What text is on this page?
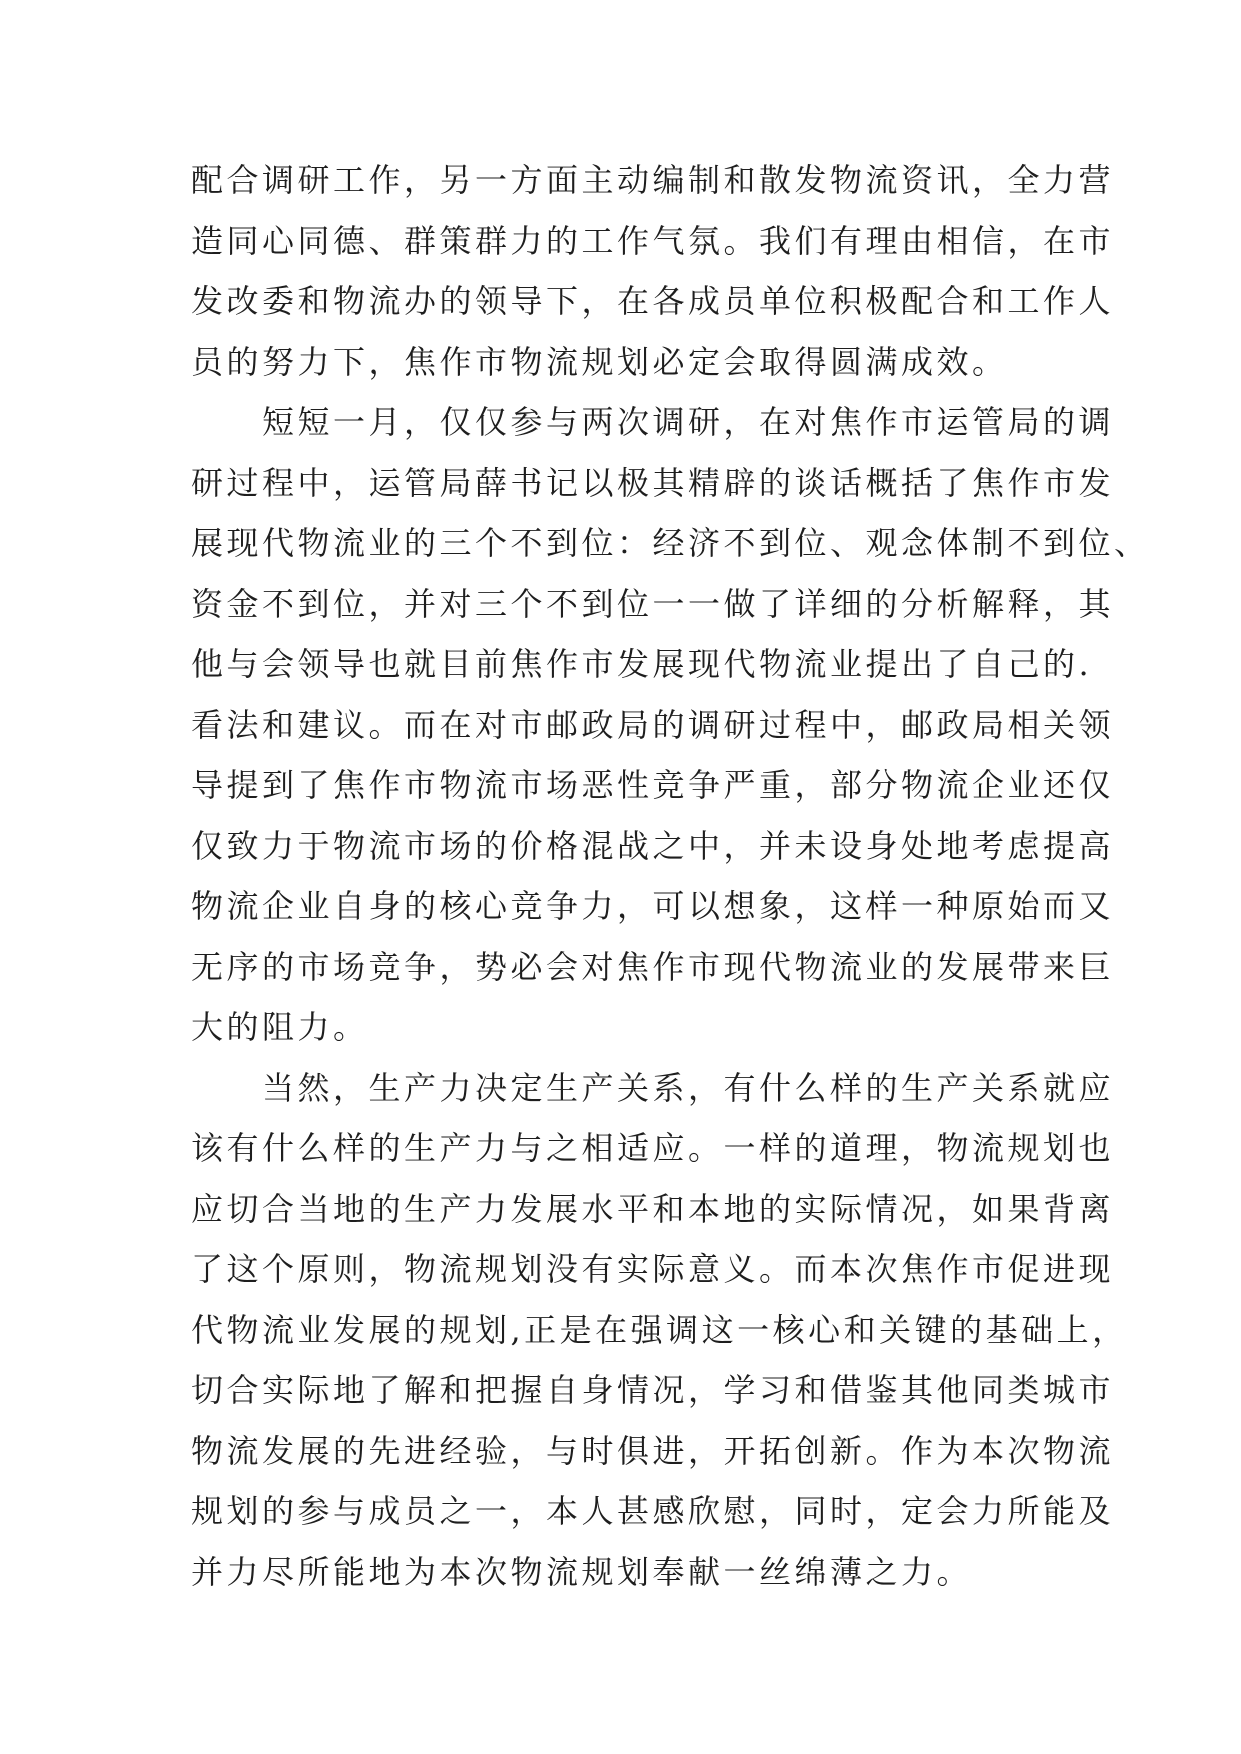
配合调研工作，另一方面主动编制和散发物流资讯，全力营
造同心同德、群策群力的工作气氛。我们有理由相信，在市
发改委和物流办的领导下，在各成员单位积极配合和工作人
员的努力下，焦作市物流规划必定会取得圆满成效。
　　短短一月，仅仅参与两次调研，在对焦作市运管局的调
研过程中，运管局薛书记以极其精辟的谈话概括了焦作市发
展现代物流业的三个不到位：经济不到位、观念体制不到位、
资金不到位，并对三个不到位一一做了详细的分析解释，其
他与会领导也就目前焦作市发展现代物流业提出了自己的.
看法和建议。而在对市邮政局的调研过程中，邮政局相关领
导提到了焦作市物流市场恶性竞争严重，部分物流企业还仅
仅致力于物流市场的价格混战之中，并未设身处地考虑提高
物流企业自身的核心竞争力，可以想象，这样一种原始而又
无序的市场竞争，势必会对焦作市现代物流业的发展带来巨
大的阻力。
　　当然，生产力决定生产关系，有什么样的生产关系就应
该有什么样的生产力与之相适应。一样的道理，物流规划也
应切合当地的生产力发展水平和本地的实际情况，如果背离
了这个原则，物流规划没有实际意义。而本次焦作市促进现
代物流业发展的规划,正是在强调这一核心和关键的基础上，
切合实际地了解和把握自身情况，学习和借鉴其他同类城市
物流发展的先进经验，与时俱进，开拓创新。作为本次物流
规划的参与成员之一，本人甚感欣慰，同时，定会力所能及
并力尽所能地为本次物流规划奉献一丝绵薄之力。
